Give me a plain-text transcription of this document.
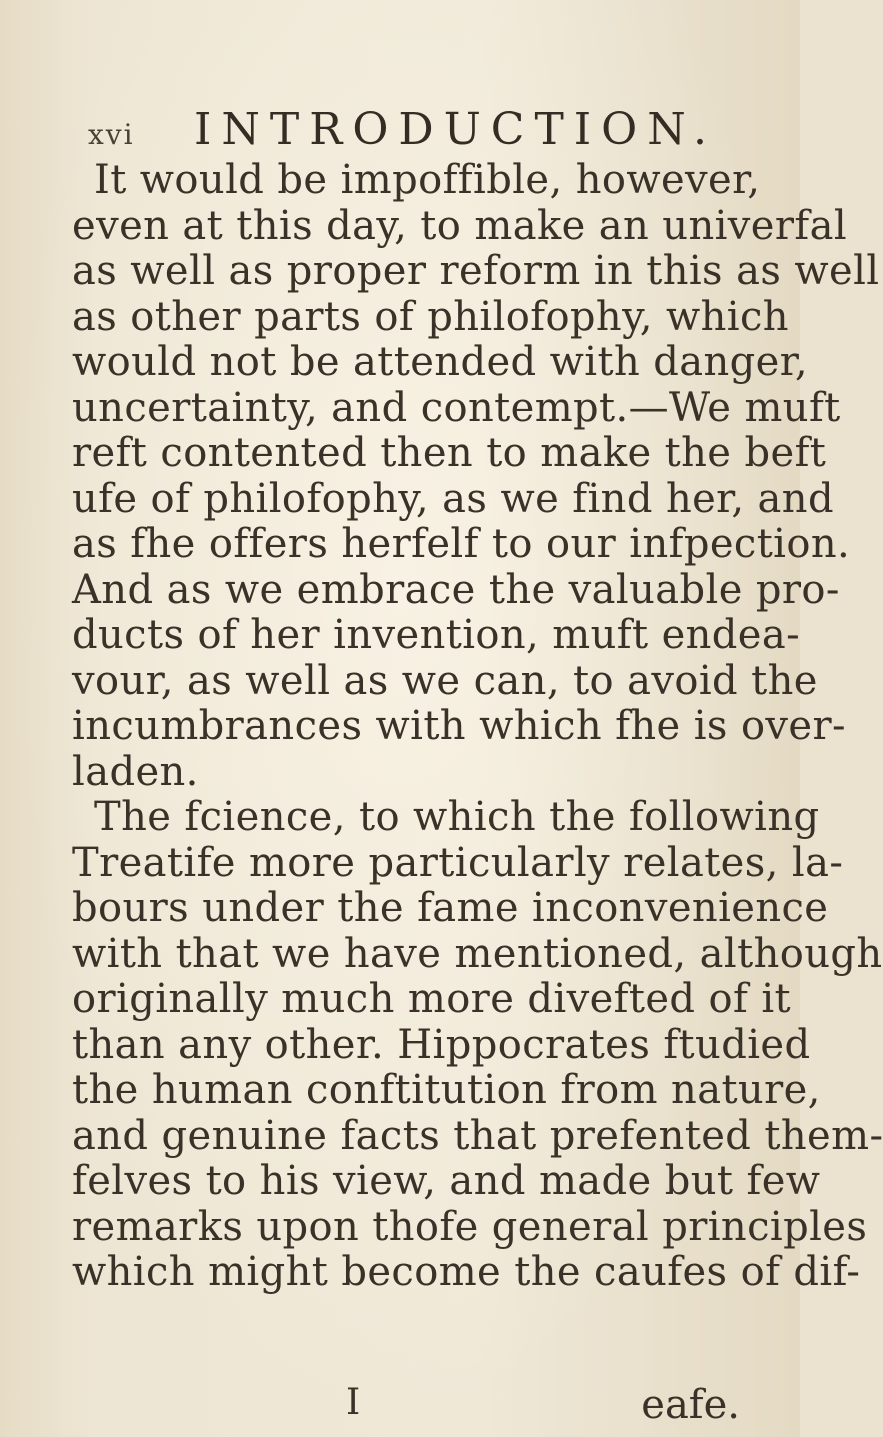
xvi INTRODUCTION.
It would be impoffible, however,
even at this day, to make an univerfal
as well as proper reform in this as well
as other parts of philofophy, which
would not be attended with danger,
uncertainty, and contempt.—We muft
reft contented then to make the beft
ufe of philofophy, as we find her, and
as fhe offers herfelf to our infpection.
And as we embrace the valuable pro-
ducts of her invention, muft endea-
vour, as well as we can, to avoid the
incumbrances with which fhe is over-
laden.
The fcience, to which the following
Treatife more particularly relates, la-
bours under the fame inconvenience
with that we have mentioned, although
originally much more divefted of it
than any other. Hippocrates ftudied
the human conftitution from nature,
and genuine facts that prefented them-
felves to his view, and made but few
remarks upon thofe general principles
which might become the caufes of dif-
I	eafe.
